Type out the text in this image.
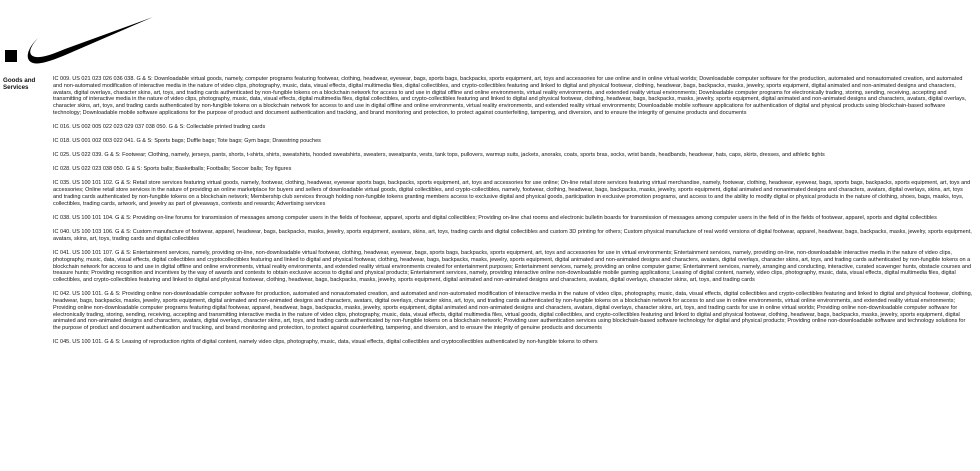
Goods and Services

IC 009. US 021 023 026 036 038. G & S: Downloadable virtual goods, namely, computer programs featuring footwear, clothing, headwear, eyewear, bags, sports bags, backpacks, sports equipment, art, toys and accessories for use online and in online virtual worlds; Downloadable computer software for the production, automated and nonautomated creation, and automated and non-automated modification of interactive media in the nature of video clips, photography, music, data, visual effects, digital multimedia files, digital collectibles, and crypto-collectibles featuring and linked to digital and physical footwear, clothing, headwear, bags, backpacks, masks, jewelry, sports equipment, digital animated and non-animated designs and characters, avatars, digital overlays, character skins, art, toys, and trading cards authenticated by non-fungible tokens on a blockchain network for access to and use in digital offline and online environments, virtual reality environments, and extended reality virtual environments; Downloadable computer programs for electronically trading, storing, sending, receiving, accepting and transmitting of interactive media in the nature of video clips, photography, music, data, visual effects, digital multimedia files, digital collectibles, and crypto-collectibles featuring and linked to digital and physical footwear, clothing, headwear, bags, backpacks, masks, jewelry, sports equipment, digital animated and non-animated designs and characters, avatars, digital overlays, character skins, art, toys, and trading cards authenticated by non-fungible tokens on a blockchain network for access to and use in digital offline and online environments, virtual reality environments, and extended reality virtual environments; Downloadable mobile software applications for authentication of digital and physical products using blockchain-based software technology; Downloadable mobile software applications for the purpose of product and document authentication and tracking, and brand monitoring and protection, to protect against counterfeiting, tampering, and diversion, and to ensure the integrity of genuine products and documents

IC 016. US 002 005 022 023 029 037 038 050. G & S: Collectable printed trading cards

IC 018. US 001 002 003 022 041. G & S: Sports bags; Duffle bags; Tote bags; Gym bags; Drawstring pouches

IC 025. US 022 039. G & S: Footwear; Clothing, namely, jerseys, pants, shorts, t-shirts, shirts, sweatshirts, hooded sweatshirts, sweaters, sweatpants, vests, tank tops, pullovers, warmup suits, jackets, anoraks, coats, sports bras, socks, wrist bands, headbands, headwear, hats, caps, skirts, dresses, and athletic tights

IC 028. US 022 023 038 050. G & S: Sports balls; Basketballs; Footballs; Soccer balls; Toy figures

IC 035. US 100 101 102. G & S: Retail store services featuring virtual goods, namely, footwear, clothing, headwear, eyewear sports bags, backpacks, sports equipment, art, toys and accessories for use online; On-line retail store services featuring virtual merchandise, namely, footwear, clothing, headwear, eyewear, bags, sports bags, backpacks, sports equipment, art, toys and accessories; Online retail store services in the nature of providing an online marketplace for buyers and sellers of downloadable virtual goods, digital collectibles, and crypto-collectibles, namely, footwear, clothing, headwear, bags, backpacks, masks, jewelry, sports equipment, digital animated and nonanimated designs and characters, avatars, digital overlays, skins, art, toys and trading cards authenticated by non-fungible tokens on a blockchain network; Membership club services through holding non-fungible tokens granting members access to exclusive digital and physical goods, participation in exclusive promotion programs, and access to and the ability to modify digital or physical products in the nature of clothing, shoes, bags, masks, toys, collectibles, trading cards, artwork, and jewelry as part of giveaways, contests and rewards; Advertising services

IC 038. US 100 101 104. G & S: Providing on-line forums for transmission of messages among computer users in the fields of footwear, apparel, sports and digital collectibles; Providing on-line chat rooms and electronic bulletin boards for transmission of messages among computer users in the field of in the fields of footwear, apparel, sports and digital collectibles

IC 040. US 100 103 106. G & S: Custom manufacture of footwear, apparel, headwear, bags, backpacks, masks, jewelry, sports equipment, avatars, skins, art, toys, trading cards and digital collectibles and custom 3D printing for others; Custom physical manufacture of real world versions of digital footwear, apparel, headwear, bags, backpacks, masks, jewelry, sports equipment, avatars, skins, art, toys, trading cards and digital collectibles

IC 041. US 100 101 107. G & S: Entertainment services, namely, providing on-line, non-downloadable virtual footwear, clothing, headwear, eyewear, bags, sports bags, backpacks, sports equipment, art, toys and accessories for use in virtual environments; Entertainment services, namely, providing on-line, non-downloadable interactive media in the nature of video clips, photography, music, data, visual effects, digital collectibles and cryptocollectibles featuring and linked to digital and physical footwear, clothing, headwear, bags, backpacks, masks, jewelry, sports equipment, digital animated and non-animated designs and characters, avatars, digital overlays, character skins, art, toys, and trading cards authenticated by non-fungible tokens on a blockchain network for access to and use in digital offline and online environments, virtual reality environments, and extended reality virtual environments created for entertainment purposes; Entertainment services, namely, providing an online computer game; Entertainment services, namely, arranging and conducting, interactive, curated scavenger hunts, obstacle courses and treasure hunts; Providing recognition and incentives by the way of awards and contests to obtain exclusive access to digital and physical products; Entertainment services, namely, providing interactive online non-downloadable mobile gaming applications; Leasing of digital content, namely, video clips, photography, music, data, visual effects, digital multimedia files, digital collectibles, and crypto-collectibles featuring and linked to digital and physical footwear, clothing, headwear, bags, backpacks, masks, jewelry, sports equipment, digital animated and non-animated designs and characters, avatars, digital overlays, character skins, art, toys, and trading cards

IC 042. US 100 101. G & S: Providing online non-downloadable computer software for production, automated and nonautomated creation, and automated and non-automated modification of interactive media in the nature of video clips, photography, music, data, visual effects, digital collectibles and crypto-collectibles featuring and linked to digital and physical footwear, clothing, headwear, bags, backpacks, masks, jewelry, sports equipment, digital animated and non-animated designs and characters, avatars, digital overlays, character skins, art, toys, and trading cards authenticated by non-fungible tokens on a blockchain network for access to and use in online environments, virtual online environments, and extended reality virtual environments; Providing online non-downloadable computer programs featuring digital footwear, apparel, headwear, bags, backpacks, masks, jewelry, sports equipment, digital animated and non-animated designs and characters, avatars, digital overlays, character skins, art, toys, and trading cards for use in online virtual worlds; Providing online non-downloadable computer software for electronically trading, storing, sending, receiving, accepting and transmitting interactive media in the nature of video clips, photography, music, data, visual effects, digital multimedia files, virtual goods, digital collectibles, and crypto-collectibles featuring and linked to digital and physical footwear, clothing, headwear, bags, backpacks, masks, jewelry, sports equipment, digital animated and non-animated designs and characters, avatars, digital overlays, character skins, art, toys, and trading cards authenticated by non-fungible tokens on a blockchain network; Providing user authentication services using blockchain-based software technology for digital and physical products; Providing online non-downloadable software and technology solutions for the purpose of product and document authentication and tracking, and brand monitoring and protection, to protect against counterfeiting, tampering, and diversion, and to ensure the integrity of genuine products and documents

IC 045. US 100 101. G & S: Leasing of reproduction rights of digital content, namely video clips, photography, music, data, visual effects, digital collectibles and cryptocollectibles authenticated by non-fungible tokens to others
